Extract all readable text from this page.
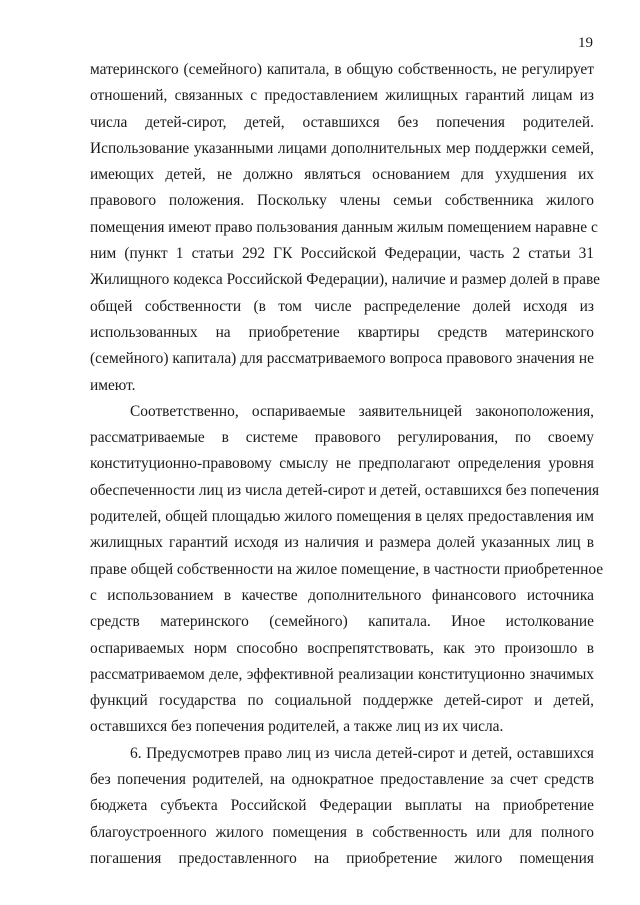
19
материнского (семейного) капитала, в общую собственность, не регулирует
отношений, связанных с предоставлением жилищных гарантий лицам из
числа детей-сирот, детей, оставшихся без попечения родителей.
Использование указанными лицами дополнительных мер поддержки семей,
имеющих детей, не должно являться основанием для ухудшения их
правового положения. Поскольку члены семьи собственника жилого
помещения имеют право пользования данным жилым помещением наравне с
ним (пункт 1 статьи 292 ГК Российской Федерации, часть 2 статьи 31
Жилищного кодекса Российской Федерации), наличие и размер долей в праве
общей собственности (в том числе распределение долей исходя из
использованных на приобретение квартиры средств материнского
(семейного) капитала) для рассматриваемого вопроса правового значения не
имеют.
Соответственно, оспариваемые заявительницей законоположения,
рассматриваемые в системе правового регулирования, по своему
конституционно-правовому смыслу не предполагают определения уровня
обеспеченности лиц из числа детей-сирот и детей, оставшихся без попечения
родителей, общей площадью жилого помещения в целях предоставления им
жилищных гарантий исходя из наличия и размера долей указанных лиц в
праве общей собственности на жилое помещение, в частности приобретенное
с использованием в качестве дополнительного финансового источника
средств материнского (семейного) капитала. Иное истолкование
оспариваемых норм способно воспрепятствовать, как это произошло в
рассматриваемом деле, эффективной реализации конституционно значимых
функций государства по социальной поддержке детей-сирот и детей,
оставшихся без попечения родителей, а также лиц из их числа.
6. Предусмотрев право лиц из числа детей-сирот и детей, оставшихся
без попечения родителей, на однократное предоставление за счет средств
бюджета субъекта Российской Федерации выплаты на приобретение
благоустроенного жилого помещения в собственность или для полного
погашения предоставленного на приобретение жилого помещения
